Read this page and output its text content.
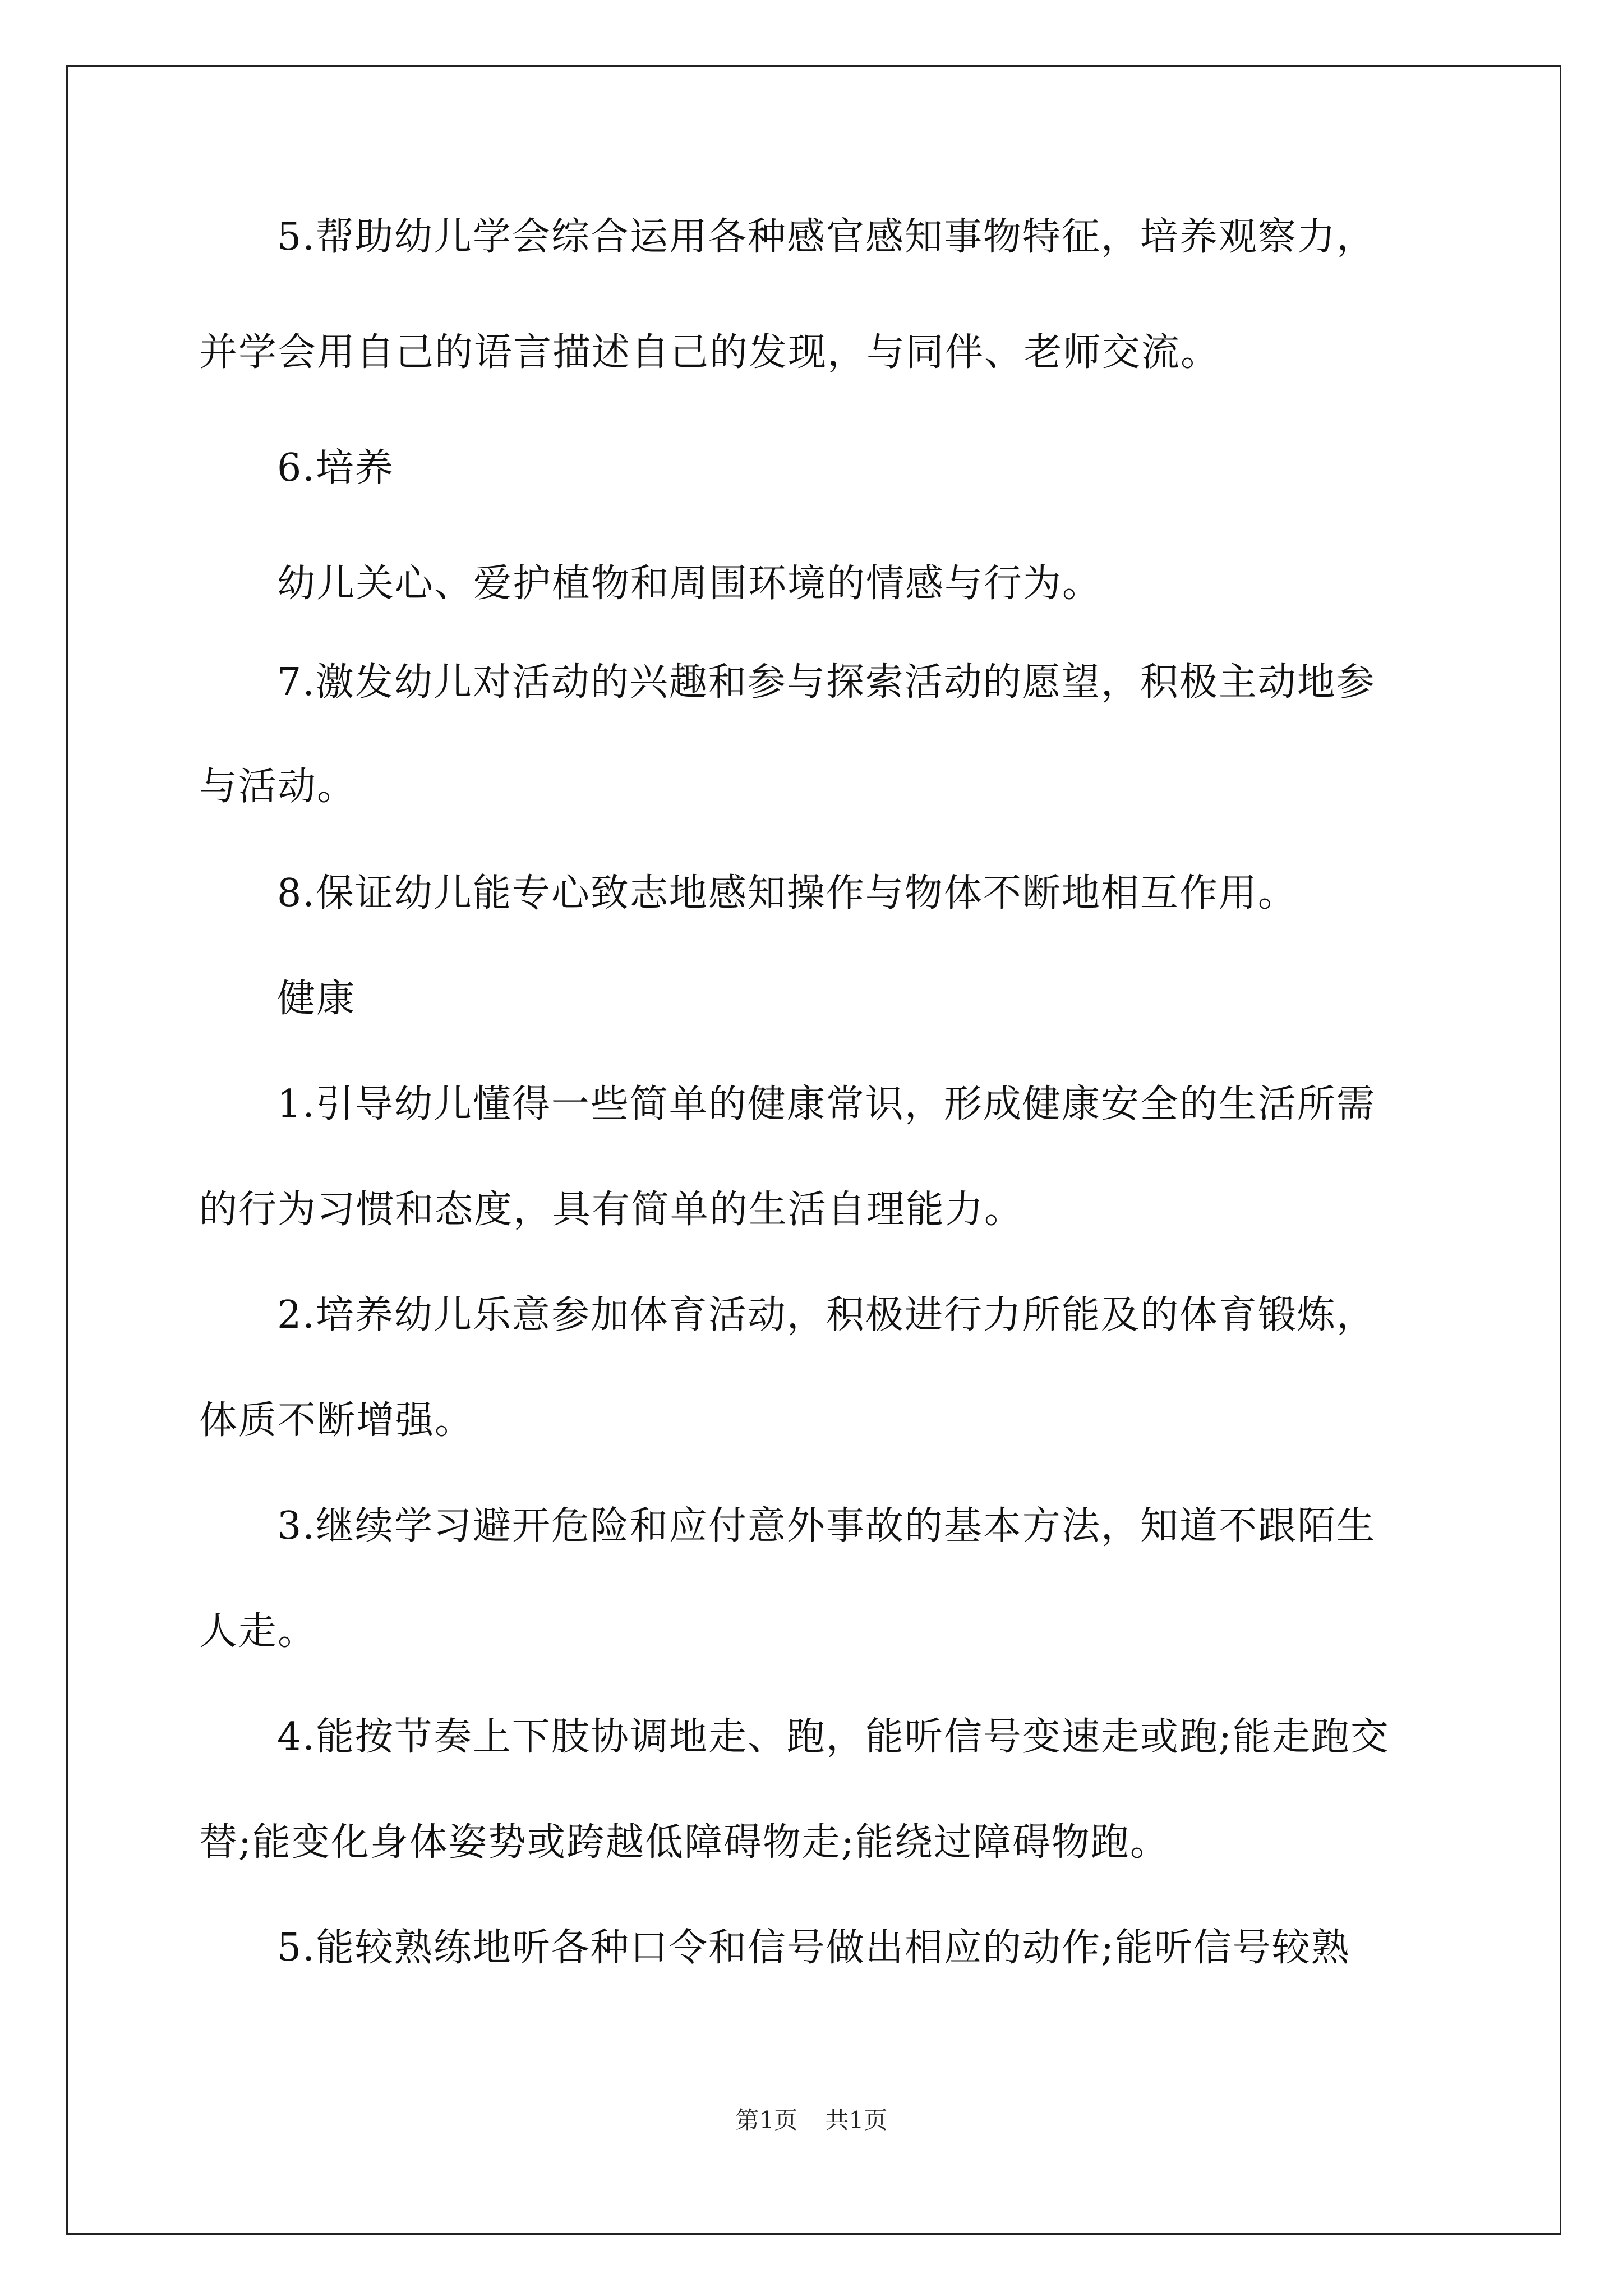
5.帮助幼儿学会综合运用各种感官感知事物特征，培养观察力，

并学会用自己的语言描述自己的发现，与同伴、老师交流。

6.培养

幼儿关心、爱护植物和周围环境的情感与行为。

7.激发幼儿对活动的兴趣和参与探索活动的愿望，积极主动地参

与活动。

8.保证幼儿能专心致志地感知操作与物体不断地相互作用。

健康

1.引导幼儿懂得一些简单的健康常识，形成健康安全的生活所需

的行为习惯和态度，具有简单的生活自理能力。

2.培养幼儿乐意参加体育活动，积极进行力所能及的体育锻炼，

体质不断增强。

3.继续学习避开危险和应付意外事故的基本方法，知道不跟陌生

人走。

4.能按节奏上下肢协调地走、跑，能听信号变速走或跑;能走跑交

替;能变化身体姿势或跨越低障碍物走;能绕过障碍物跑。

5.能较熟练地听各种口令和信号做出相应的动作;能听信号较熟

第1页 共1页
